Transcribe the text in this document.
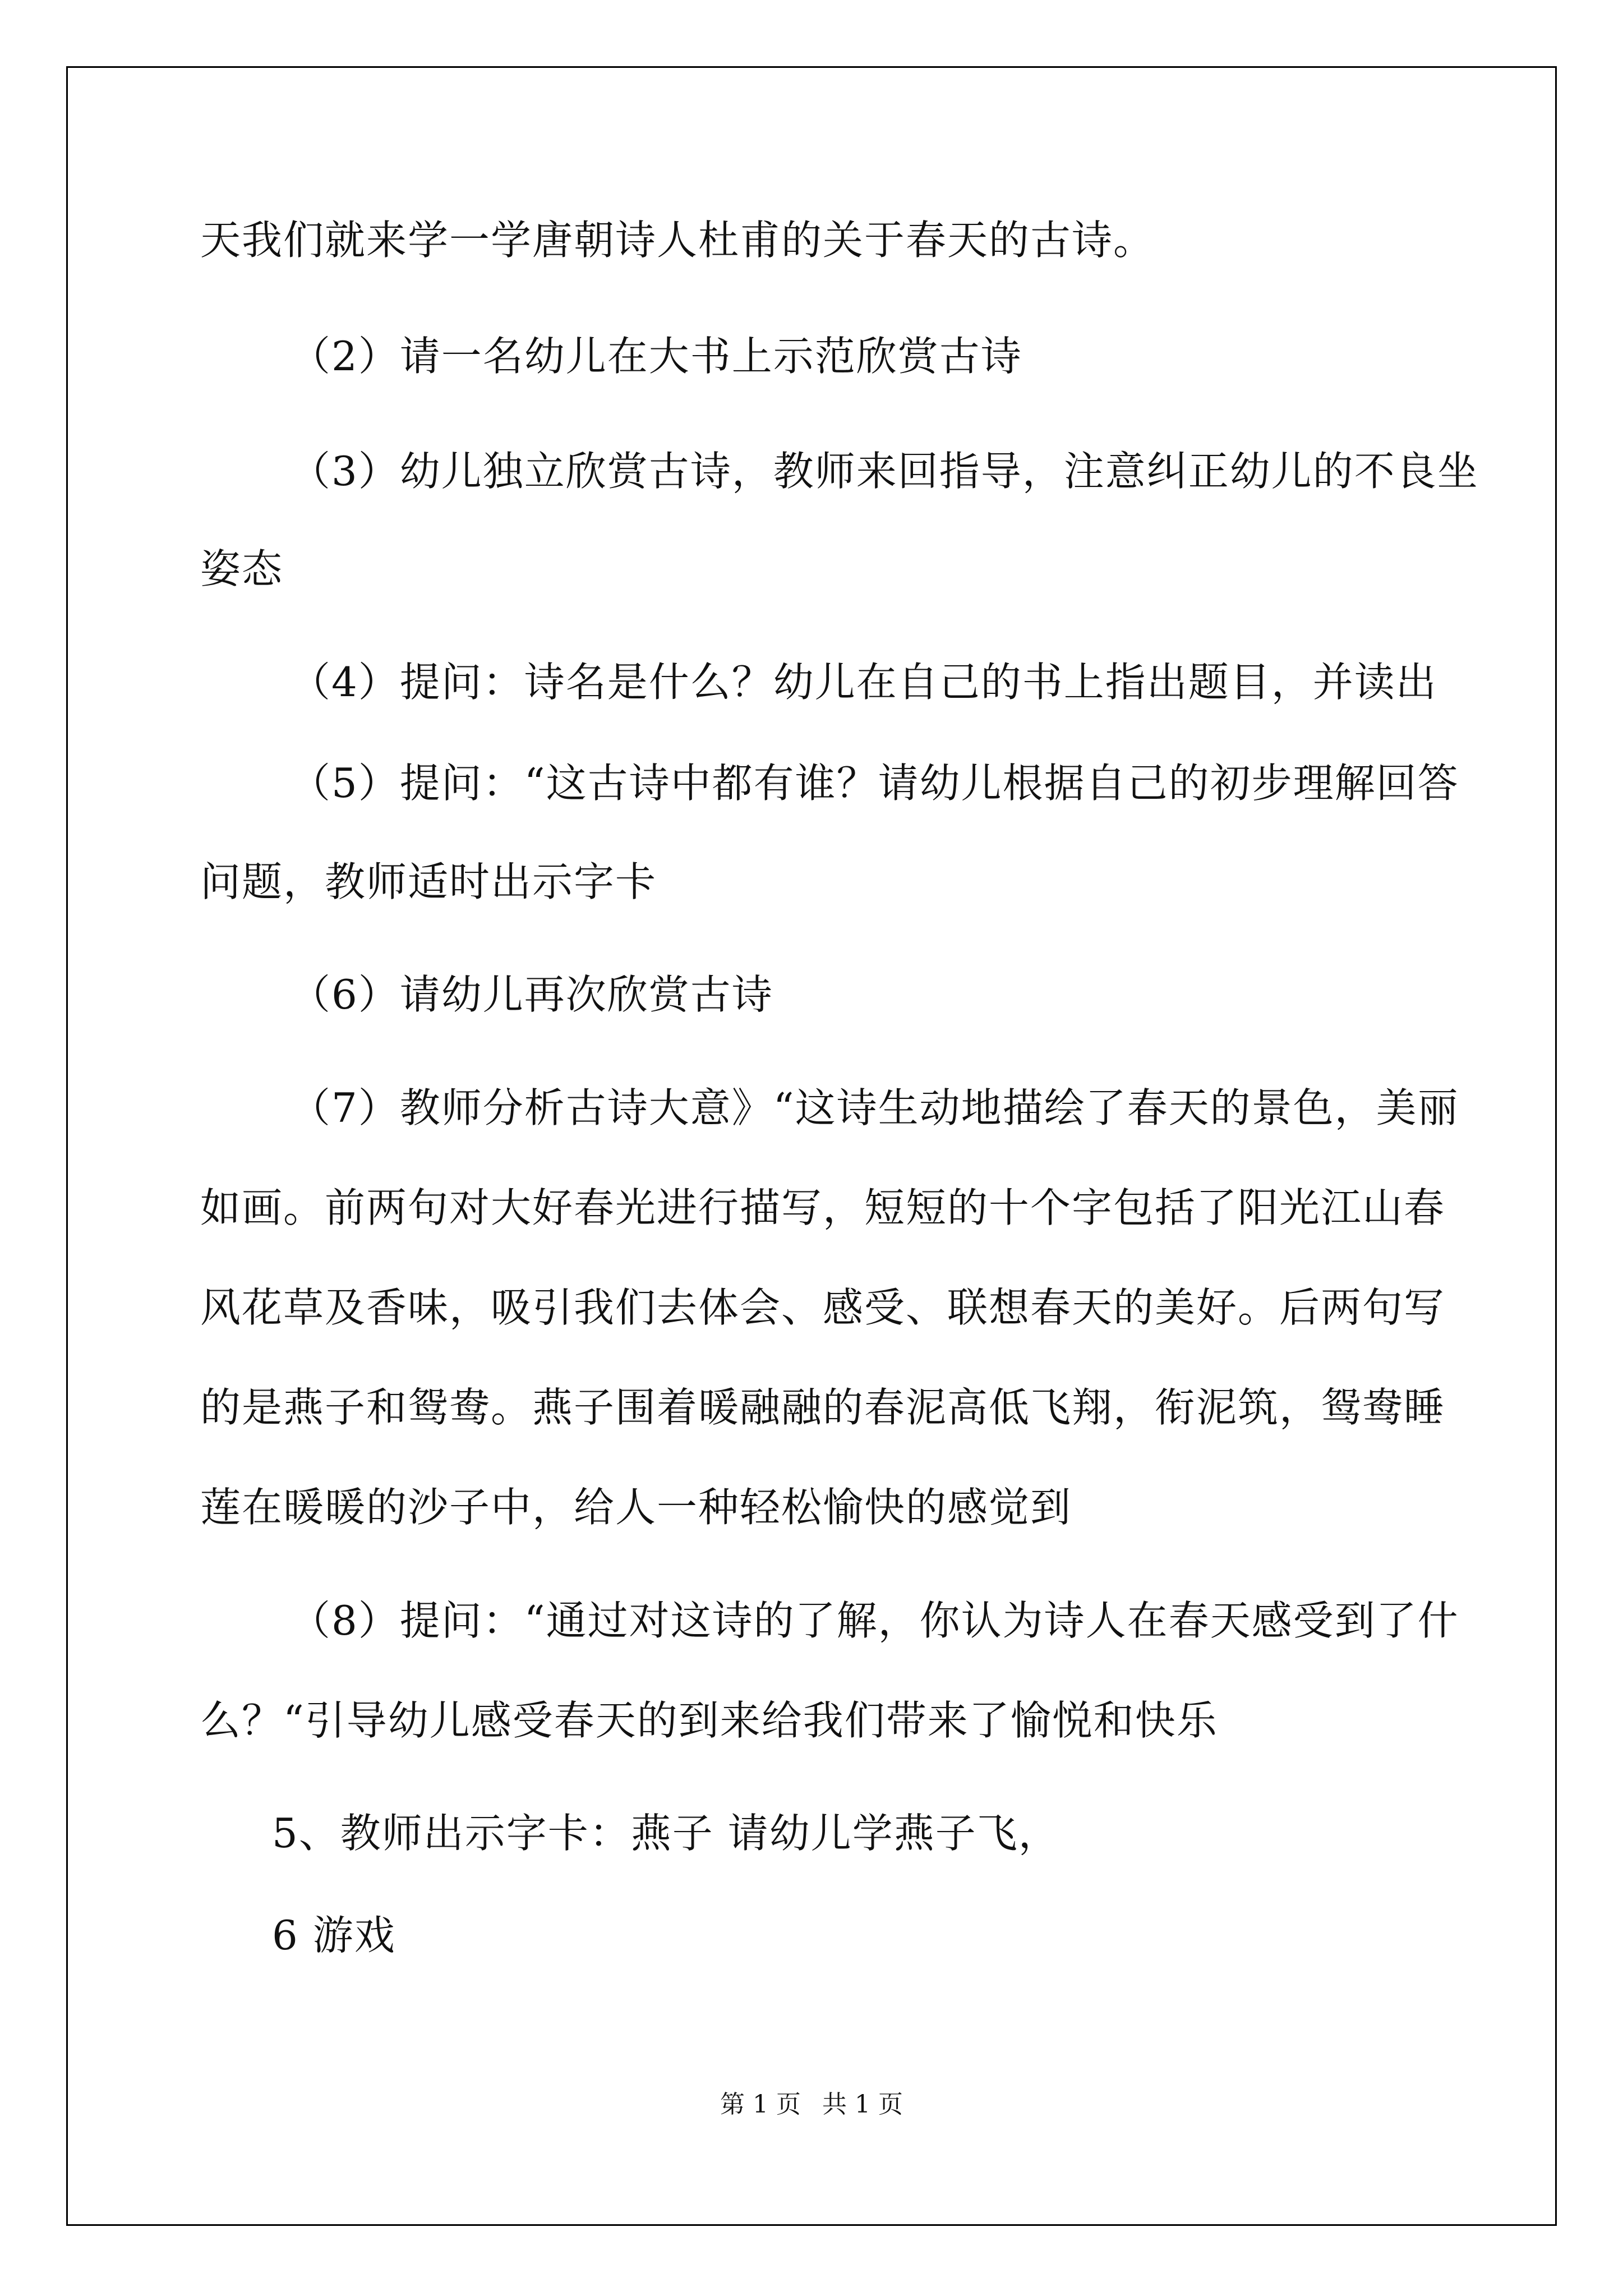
天我们就来学一学唐朝诗人杜甫的关于春天的古诗。
（2）请一名幼儿在大书上示范欣赏古诗
（3）幼儿独立欣赏古诗，教师来回指导，注意纠正幼儿的不良坐
姿态
（4）提问：诗名是什么？幼儿在自己的书上指出题目，并读出
（5）提问：“这古诗中都有谁？请幼儿根据自己的初步理解回答
问题，教师适时出示字卡
（6）请幼儿再次欣赏古诗
（7）教师分析古诗大意》“这诗生动地描绘了春天的景色，美丽
如画。前两句对大好春光进行描写，短短的十个字包括了阳光江山春
风花草及香味，吸引我们去体会、感受、联想春天的美好。后两句写
的是燕子和鸳鸯。燕子围着暖融融的春泥高低飞翔，衔泥筑，鸳鸯睡
莲在暖暖的沙子中，给人一种轻松愉快的感觉到
（8）提问：“通过对这诗的了解，你认为诗人在春天感受到了什
么？“引导幼儿感受春天的到来给我们带来了愉悦和快乐
5、教师出示字卡：燕子 请幼儿学燕子飞，
6 游戏
第 1 页 共 1 页
